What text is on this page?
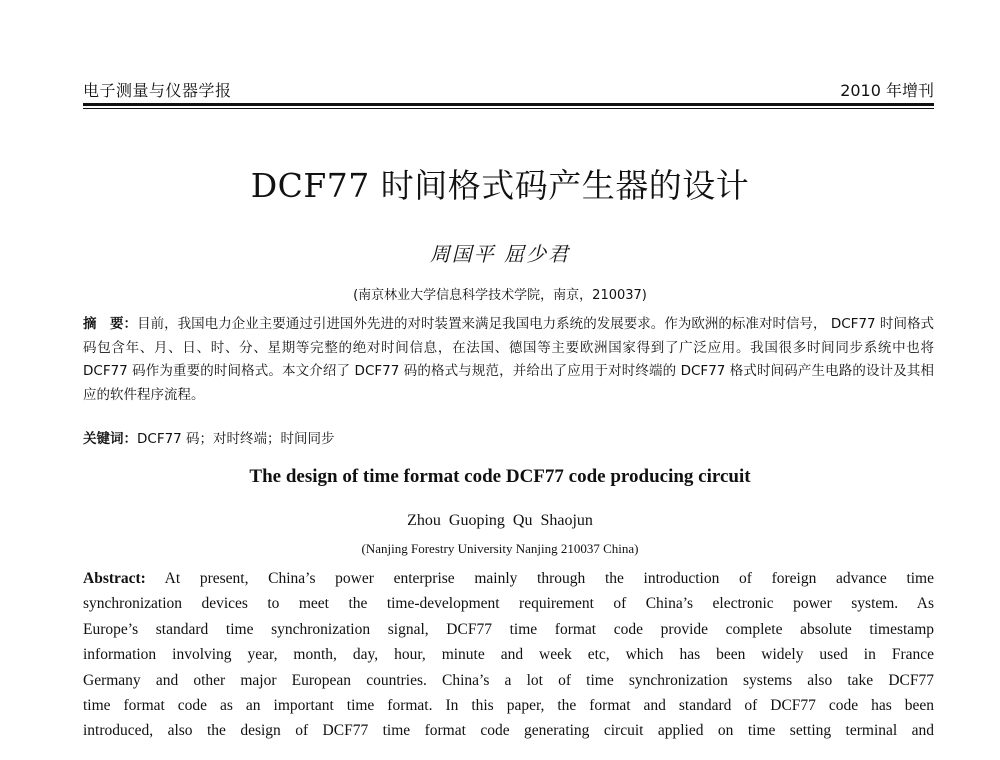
电子测量与仪器学报	2010 年增刊
DCF77 时间格式码产生器的设计
周国平 屈少君
(南京林业大学信息科学技术学院，南京，210037)
摘　要：目前，我国电力企业主要通过引进国外先进的对时装置来满足我国电力系统的发展要求。作为欧洲的标准对时信号， DCF77 时间格式码包含年、月、日、时、分、星期等完整的绝对时间信息，在法国、德国等主要欧洲国家得到了广泛应用。我国很多时间同步系统中也将 DCF77 码作为重要的时间格式。本文介绍了 DCF77 码的格式与规范，并给出了应用于对时终端的 DCF77 格式时间码产生电路的设计及其相应的软件程序流程。
关键词：DCF77 码；对时终端；时间同步
The design of time format code DCF77 code producing circuit
Zhou Guoping Qu Shaojun
(Nanjing Forestry University Nanjing 210037 China)
Abstract: At present, China’s power enterprise mainly through the introduction of foreign advance time
synchronization devices to meet the time-development requirement of China’s electronic power system. As
Europe’s standard time synchronization signal, DCF77 time format code provide complete absolute timestamp
information involving year, month, day, hour, minute and week etc, which has been widely used in France
Germany and other major European countries. China’s a lot of time synchronization systems also take DCF77
time format code as an important time format. In this paper, the format and standard of DCF77 code has been
introduced, also the design of DCF77 time format code generating circuit applied on time setting terminal and
